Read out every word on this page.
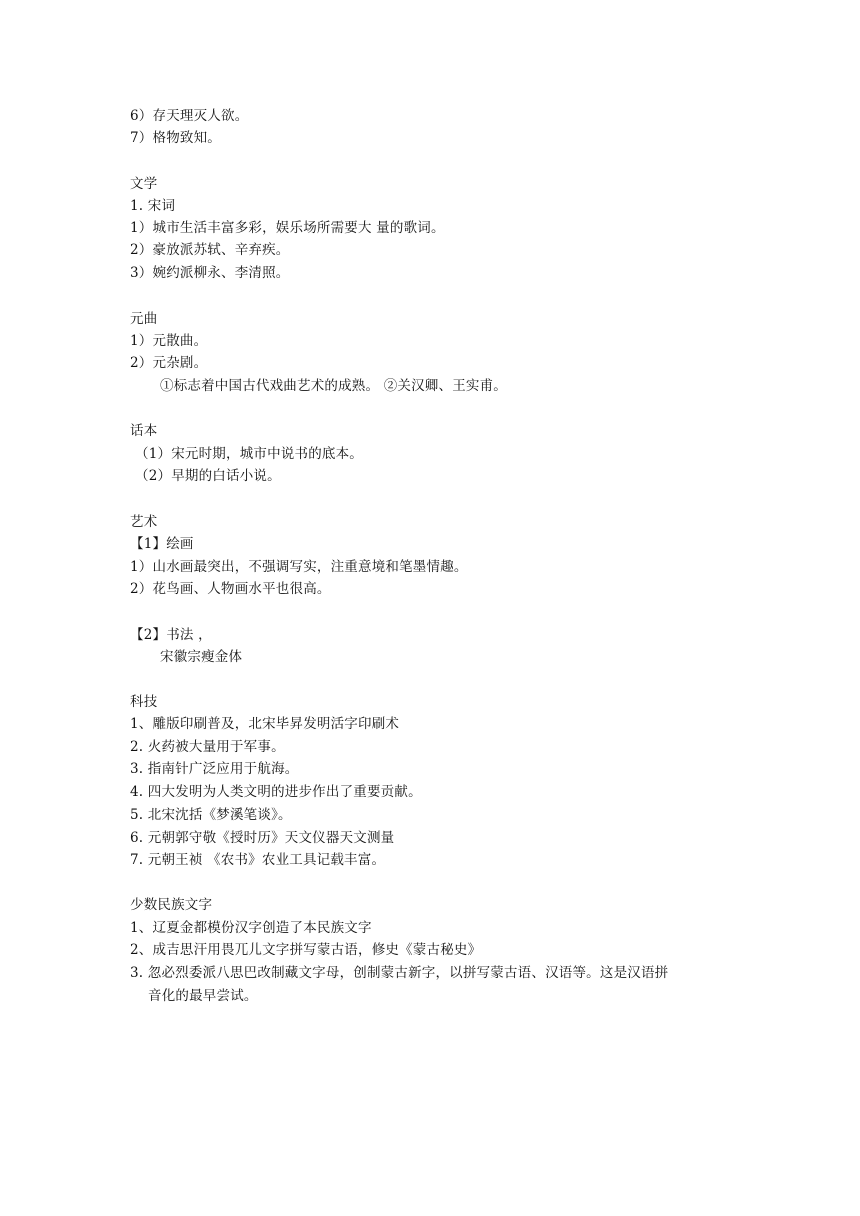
6）存天理灭人欲。
7）格物致知。
文学
1. 宋词
1）城市生活丰富多彩，娱乐场所需要大 量的歌词。
2）豪放派苏轼、辛弃疾。
3）婉约派柳永、李清照。
元曲
1）元散曲。
2）元杂剧。
①标志着中国古代戏曲艺术的成熟。 ②关汉卿、王实甫。
话本
（1）宋元时期，城市中说书的底本。
（2）早期的白话小说。
艺术
【1】绘画
1）山水画最突出，不强调写实，注重意境和笔墨情趣。
2）花鸟画、人物画水平也很高。
【2】书法 ，
宋徽宗瘦金体
科技
1、雕版印刷普及，北宋毕昇发明活字印刷术
2. 火药被大量用于军事。
3. 指南针广泛应用于航海。
4. 四大发明为人类文明的进步作出了重要贡献。
5. 北宋沈括《梦溪笔谈》。
6. 元朝郭守敬《授时历》天文仪器天文测量
7. 元朝王祯 《农书》农业工具记载丰富。
少数民族文字
1、辽夏金都模份汉字创造了本民族文字
2、成吉思汗用畏兀儿文字拼写蒙古语，修史《蒙古秘史》
3. 忽必烈委派八思巴改制藏文字母，创制蒙古新字，以拼写蒙古语、汉语等。这是汉语拼
音化的最早尝试。
